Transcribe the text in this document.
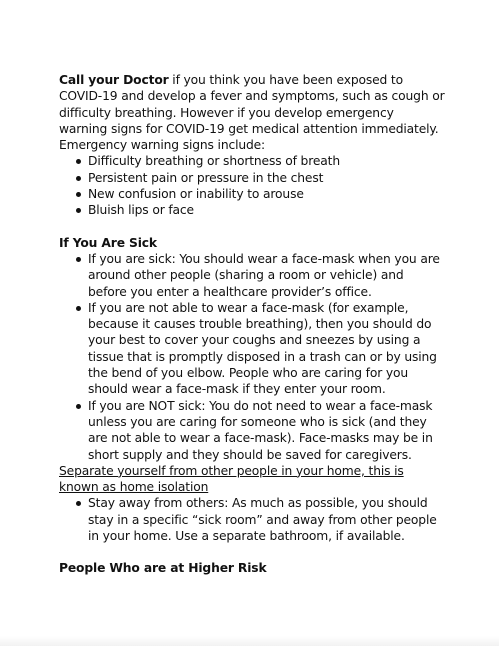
Call your Doctor if you think you have been exposed to COVID-19 and develop a fever and symptoms, such as cough or difficulty breathing. However if you develop emergency warning signs for COVID-19 get medical attention immediately. Emergency warning signs include:

Difficulty breathing or shortness of breath
Persistent pain or pressure in the chest
New confusion or inability to arouse
Bluish lips or face

If You Are Sick

If you are sick: You should wear a face-mask when you are around other people (sharing a room or vehicle) and before you enter a healthcare provider’s office.
If you are not able to wear a face-mask (for example, because it causes trouble breathing), then you should do your best to cover your coughs and sneezes by using a tissue that is promptly disposed in a trash can or by using the bend of you elbow. People who are caring for you should wear a face-mask if they enter your room.
If you are NOT sick: You do not need to wear a face-mask unless you are caring for someone who is sick (and they are not able to wear a face-mask). Face-masks may be in short supply and they should be saved for caregivers.

Separate yourself from other people in your home, this is known as home isolation

Stay away from others: As much as possible, you should stay in a specific “sick room” and away from other people in your home. Use a separate bathroom, if available.

People Who are at Higher Risk
